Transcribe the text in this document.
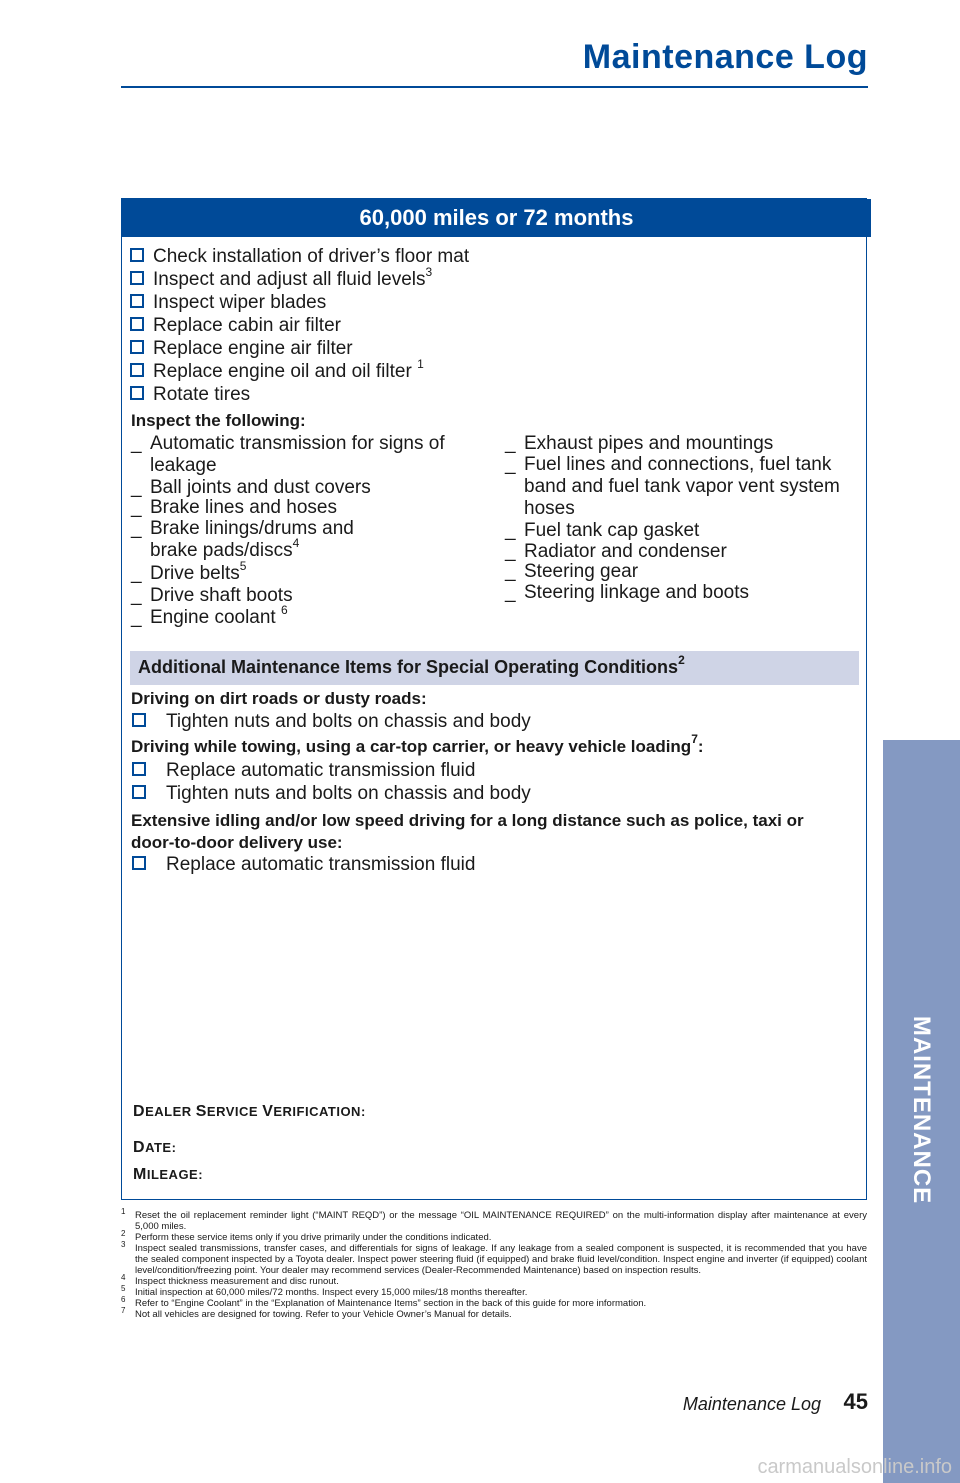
Maintenance Log
60,000 miles or 72 months
Check installation of driver’s floor mat
Inspect and adjust all fluid levels$^3$
Inspect wiper blades
Replace cabin air filter
Replace engine air filter
Replace engine oil and oil filter $^1$
Rotate tires
Inspect the following:
_ Automatic transmission for signs of
leakage
_ Ball joints and dust covers
_ Brake lines and hoses
_ Brake linings/drums and
brake pads/discs$^4$
_ Drive belts$^5$
_ Drive shaft boots
_ Engine coolant $^6$
_ Exhaust pipes and mountings
_ Fuel lines and connections, fuel tank
band and fuel tank vapor vent system
hoses
_ Fuel tank cap gasket
_ Radiator and condenser
_ Steering gear
_ Steering linkage and boots
Additional Maintenance Items for Special Operating Conditions$^2$
Driving on dirt roads or dusty roads:
Tighten nuts and bolts on chassis and body
Driving while towing, using a car-top carrier, or heavy vehicle loading$^7$:
Replace automatic transmission fluid
Tighten nuts and bolts on chassis and body
Extensive idling and/or low speed driving for a long distance such as police, taxi or
door-to-door delivery use:
Replace automatic transmission fluid
DEALER SERVICE VERIFICATION:
DATE:
MILEAGE:
1 Reset the oil replacement reminder light (“MAINT REQD”) or the message “OIL MAINTENANCE REQUIRED” on the multi-information display after maintenance at every 5,000 miles.
2 Perform these service items only if you drive primarily under the conditions indicated.
3 Inspect sealed transmissions, transfer cases, and differentials for signs of leakage. If any leakage from a sealed component is suspected, it is recommended that you have the sealed component inspected by a Toyota dealer. Inspect power steering fluid (if equipped) and brake fluid level/condition. Inspect engine and inverter (if equipped) coolant level/condition/freezing point. Your dealer may recommend services (Dealer-Recommended Maintenance) based on inspection results.
4 Inspect thickness measurement and disc runout.
5 Initial inspection at 60,000 miles/72 months. Inspect every 15,000 miles/18 months thereafter.
6 Refer to “Engine Coolant” in the “Explanation of Maintenance Items” section in the back of this guide for more information.
7 Not all vehicles are designed for towing. Refer to your Vehicle Owner’s Manual for details.
MAINTENANCE
Maintenance Log 45
carmanualsonline.info
